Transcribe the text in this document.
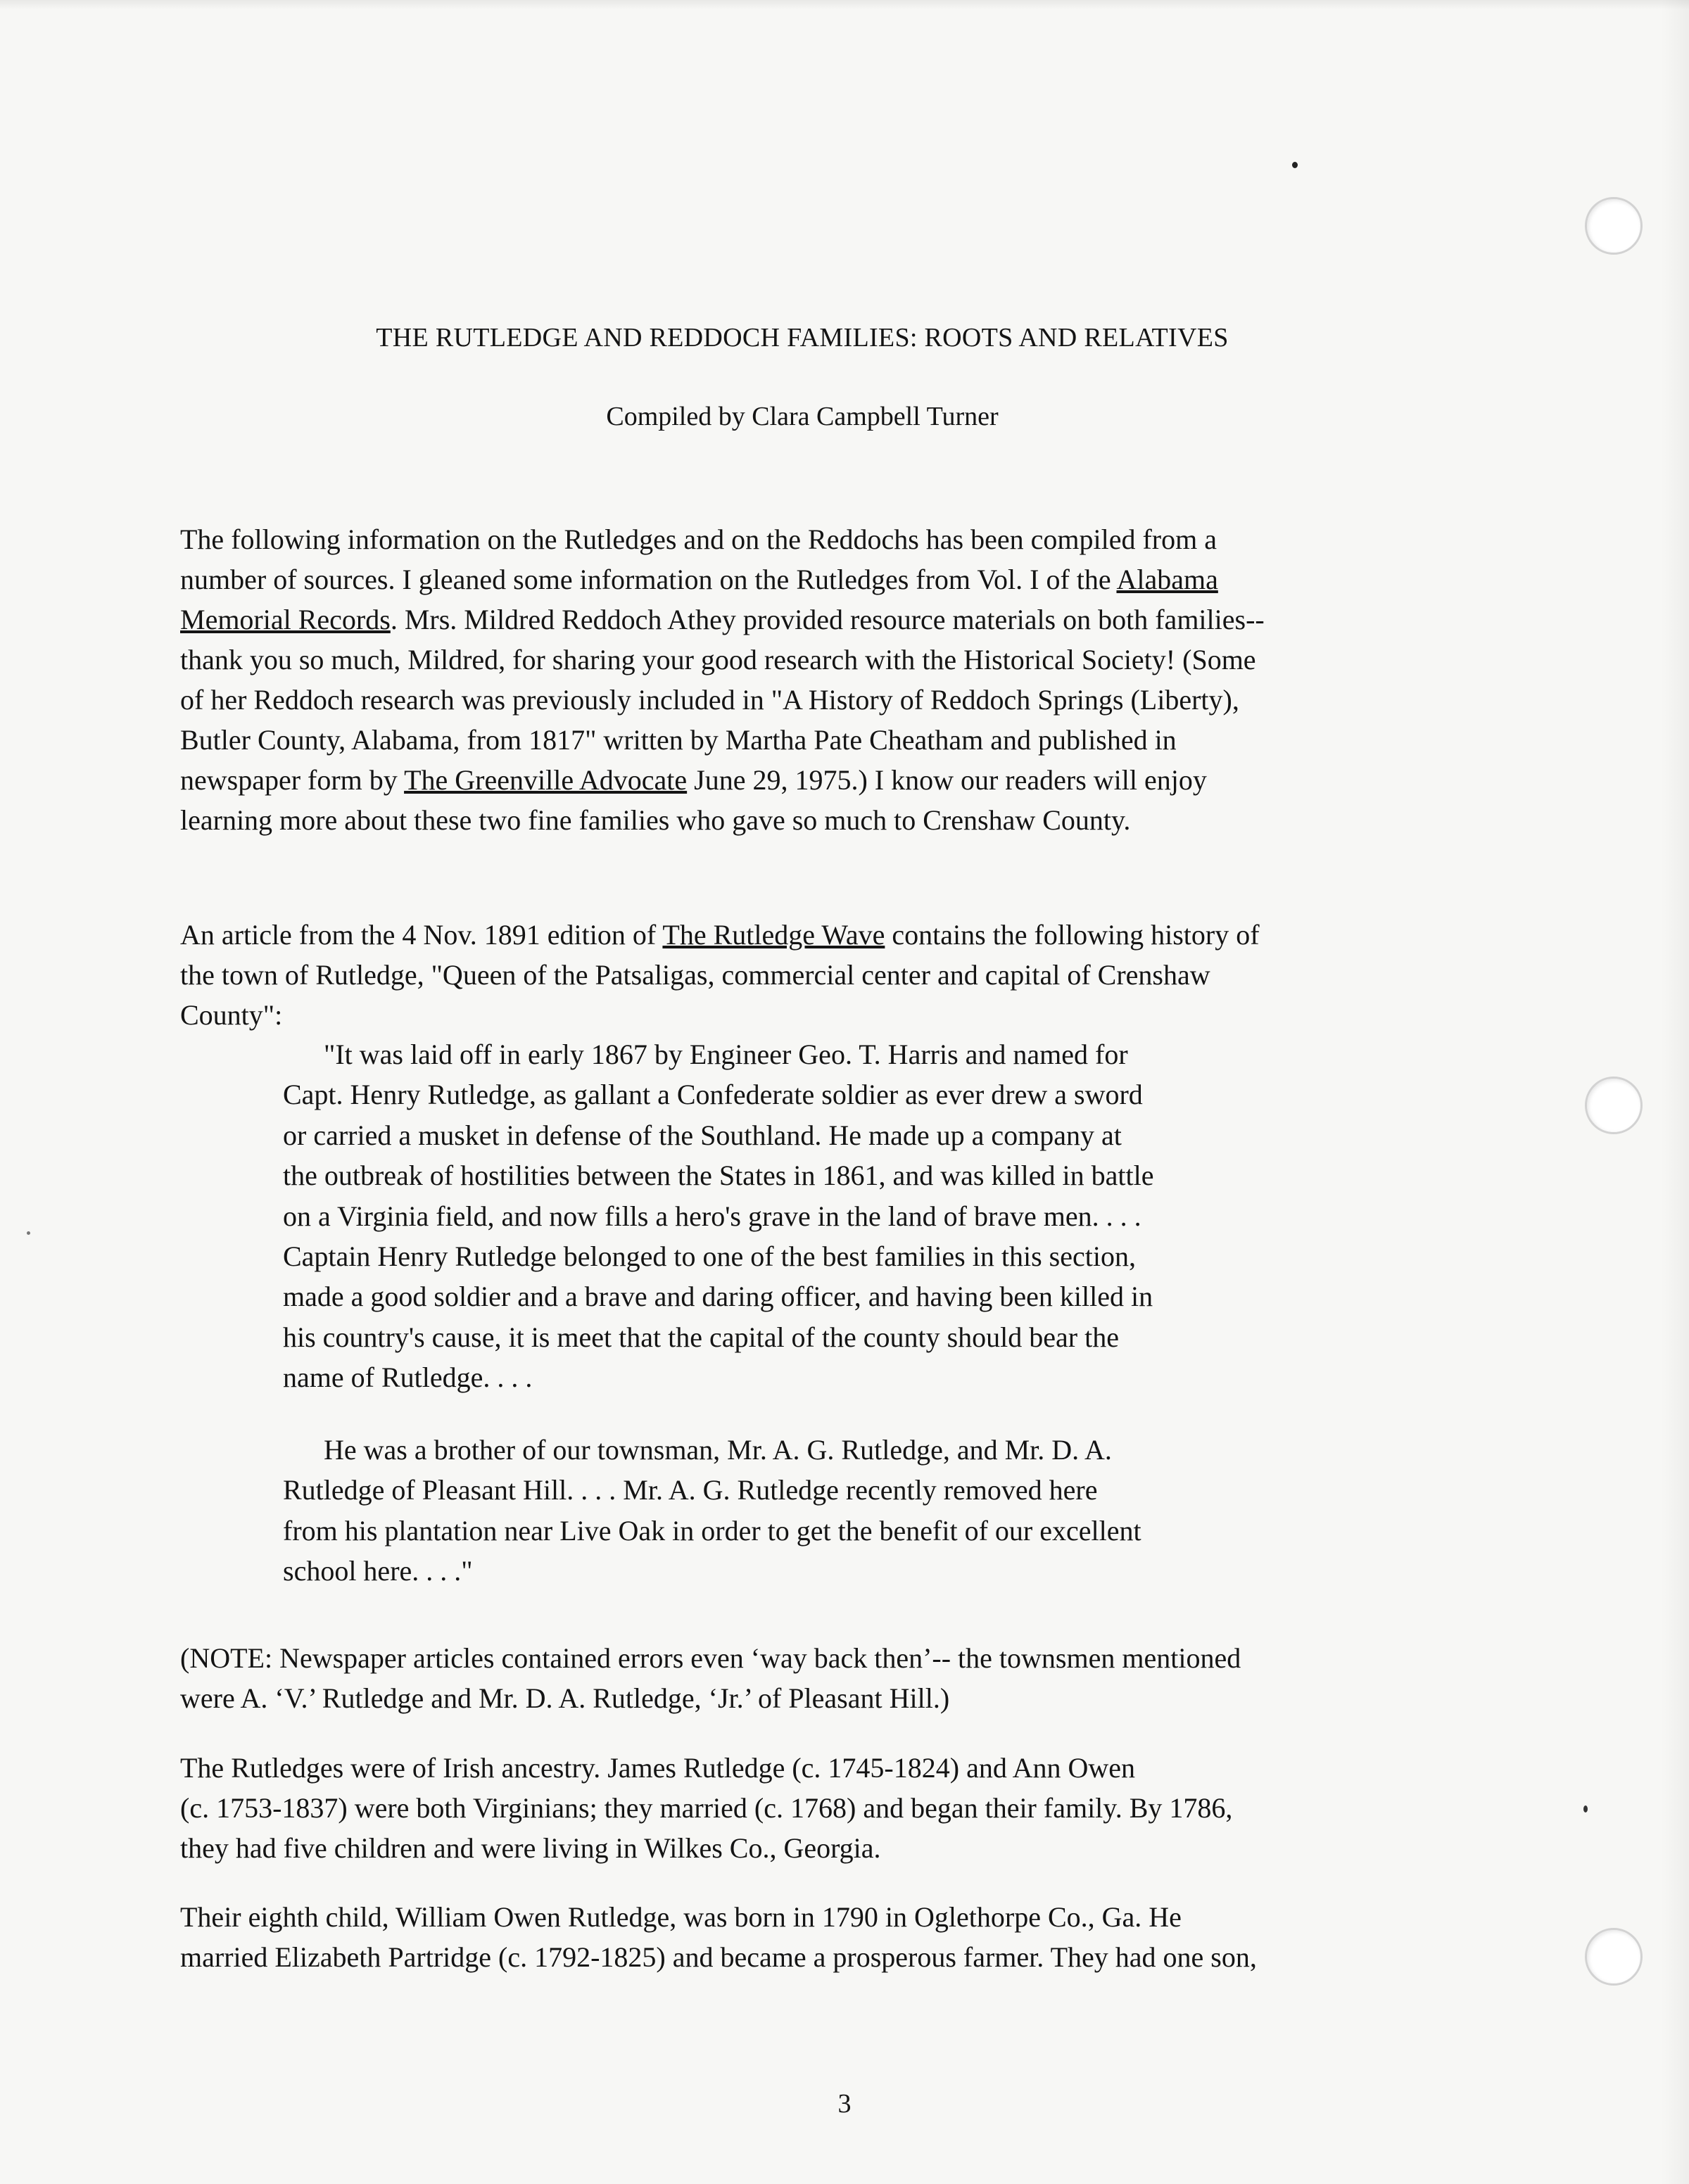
THE RUTLEDGE AND REDDOCH FAMILIES: ROOTS AND RELATIVES
Compiled by Clara Campbell Turner
The following information on the Rutledges and on the Reddochs has been compiled from a
number of sources. I gleaned some information on the Rutledges from Vol. I of the Alabama
Memorial Records. Mrs. Mildred Reddoch Athey provided resource materials on both families--
thank you so much, Mildred, for sharing your good research with the Historical Society! (Some
of her Reddoch research was previously included in "A History of Reddoch Springs (Liberty),
Butler County, Alabama, from 1817" written by Martha Pate Cheatham and published in
newspaper form by The Greenville Advocate June 29, 1975.) I know our readers will enjoy
learning more about these two fine families who gave so much to Crenshaw County.
An article from the 4 Nov. 1891 edition of The Rutledge Wave contains the following history of
the town of Rutledge, "Queen of the Patsaligas, commercial center and capital of Crenshaw
County":
"It was laid off in early 1867 by Engineer Geo. T. Harris and named for
Capt. Henry Rutledge, as gallant a Confederate soldier as ever drew a sword
or carried a musket in defense of the Southland. He made up a company at
the outbreak of hostilities between the States in 1861, and was killed in battle
on a Virginia field, and now fills a hero's grave in the land of brave men. . . .
Captain Henry Rutledge belonged to one of the best families in this section,
made a good soldier and a brave and daring officer, and having been killed in
his country's cause, it is meet that the capital of the county should bear the
name of Rutledge. . . .
He was a brother of our townsman, Mr. A. G. Rutledge, and Mr. D. A.
Rutledge of Pleasant Hill. . . . Mr. A. G. Rutledge recently removed here
from his plantation near Live Oak in order to get the benefit of our excellent
school here. . . ."
(NOTE: Newspaper articles contained errors even ‘way back then’-- the townsmen mentioned
were A. ‘V.’ Rutledge and Mr. D. A. Rutledge, ‘Jr.’ of Pleasant Hill.)
The Rutledges were of Irish ancestry. James Rutledge (c. 1745-1824) and Ann Owen
(c. 1753-1837) were both Virginians; they married (c. 1768) and began their family. By 1786,
they had five children and were living in Wilkes Co., Georgia.
Their eighth child, William Owen Rutledge, was born in 1790 in Oglethorpe Co., Ga. He
married Elizabeth Partridge (c. 1792-1825) and became a prosperous farmer. They had one son,
3
